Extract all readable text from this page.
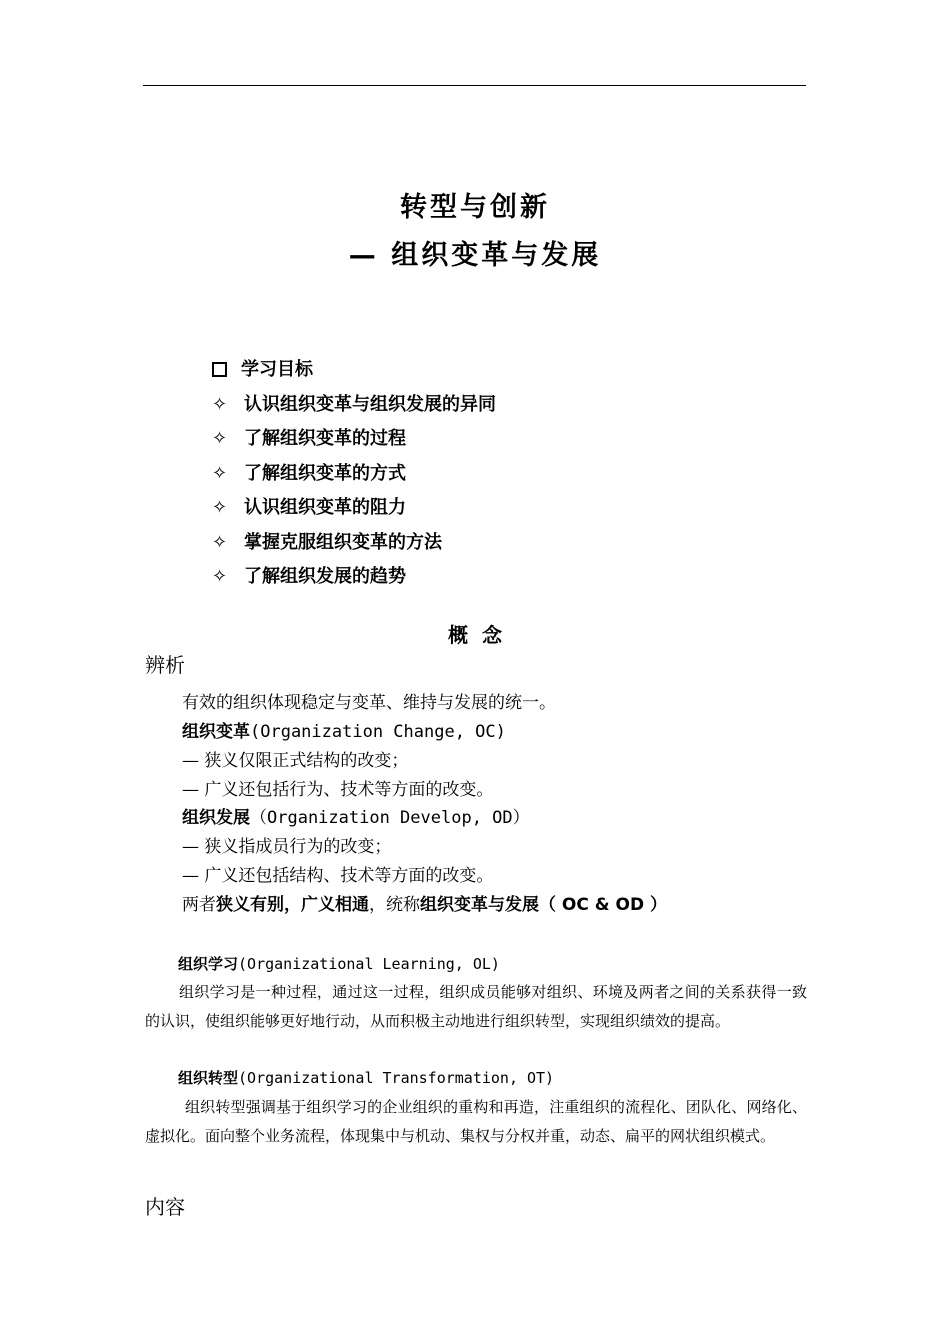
转型与创新
— 组织变革与发展
学习目标
✧ 认识组织变革与组织发展的异同
✧ 了解组织变革的过程
✧ 了解组织变革的方式
✧ 认识组织变革的阻力
✧ 掌握克服组织变革的方法
✧ 了解组织发展的趋势
概  念
辨析
有效的组织体现稳定与变革、维持与发展的统一。
组织变革(Organization Change, OC)
— 狭义仅限正式结构的改变；
— 广义还包括行为、技术等方面的改变。
组织发展（Organization Develop, OD）
— 狭义指成员行为的改变；
— 广义还包括结构、技术等方面的改变。
两者狭义有别，广义相通，统称组织变革与发展（ OC & OD ）
组织学习(Organizational Learning, OL)
组织学习是一种过程，通过这一过程，组织成员能够对组织、环境及两者之间的关系获得一致的认识，使组织能够更好地行动，从而积极主动地进行组织转型，实现组织绩效的提高。
组织转型(Organizational Transformation, OT)
组织转型强调基于组织学习的企业组织的重构和再造，注重组织的流程化、团队化、网络化、虚拟化。面向整个业务流程，体现集中与机动、集权与分权并重，动态、扁平的网状组织模式。
内容
